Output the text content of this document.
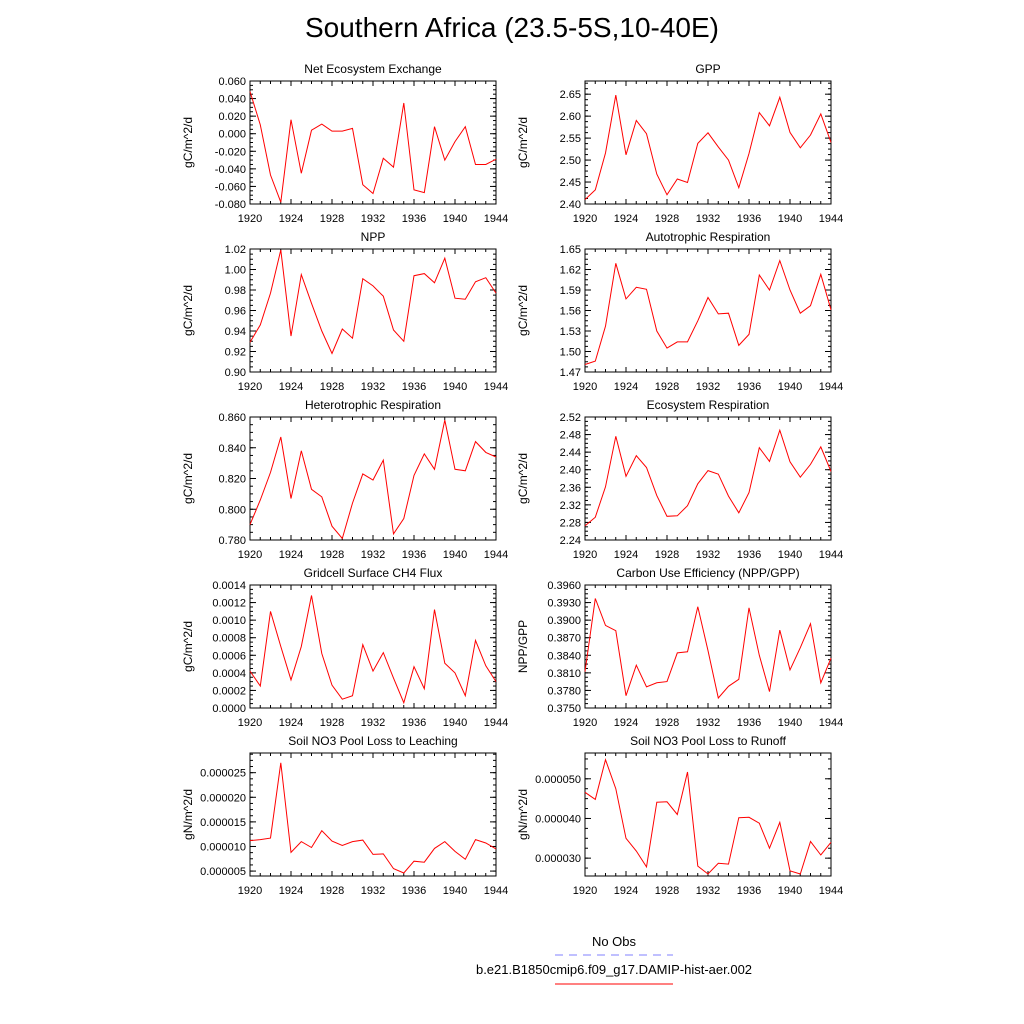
Southern Africa (23.5-5S,10-40E)
Net Ecosystem Exchange
gC/m^2/d
1920 1924 1928 1932 1936 1940 1944
-0.080
-0.060
-0.040
-0.020
0.000
0.020
0.040
0.060
GPP
gC/m^2/d
1920 1924 1928 1932 1936 1940 1944
2.40
2.45
2.50
2.55
2.60
2.65
NPP
gC/m^2/d
1920 1924 1928 1932 1936 1940 1944
0.90
0.92
0.94
0.96
0.98
1.00
1.02
Autotrophic Respiration
gC/m^2/d
1920 1924 1928 1932 1936 1940 1944
1.47
1.50
1.53
1.56
1.59
1.62
1.65
Heterotrophic Respiration
gC/m^2/d
1920 1924 1928 1932 1936 1940 1944
0.780
0.800
0.820
0.840
0.860
Ecosystem Respiration
gC/m^2/d
1920 1924 1928 1932 1936 1940 1944
2.24
2.28
2.32
2.36
2.40
2.44
2.48
2.52
Gridcell Surface CH4 Flux
gC/m^2/d
1920 1924 1928 1932 1936 1940 1944
0.0000
0.0002
0.0004
0.0006
0.0008
0.0010
0.0012
0.0014
Carbon Use Efficiency (NPP/GPP)
NPP/GPP
1920 1924 1928 1932 1936 1940 1944
0.3750
0.3780
0.3810
0.3840
0.3870
0.3900
0.3930
0.3960
Soil NO3 Pool Loss to Leaching
gN/m^2/d
1920 1924 1928 1932 1936 1940 1944
0.000005
0.000010
0.000015
0.000020
0.000025
Soil NO3 Pool Loss to Runoff
gN/m^2/d
1920 1924 1928 1932 1936 1940 1944
0.000030
0.000040
0.000050
No Obs
b.e21.B1850cmip6.f09_g17.DAMIP-hist-aer.002
